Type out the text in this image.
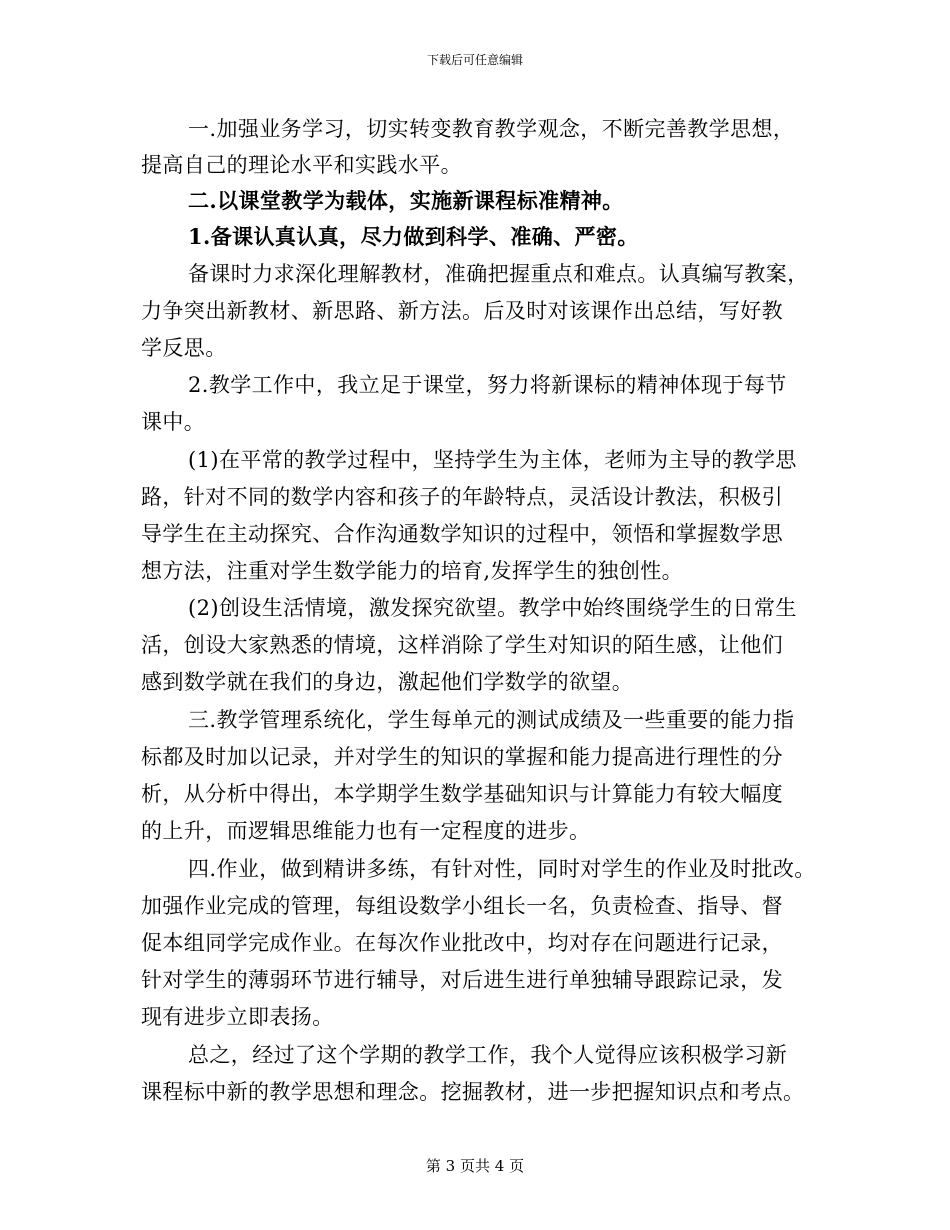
下载后可任意编辑

一.加强业务学习，切实转变教育教学观念，不断完善教学思想，

提高自己的理论水平和实践水平。

二.以课堂教学为载体，实施新课程标准精神。

1.备课认真认真，尽力做到科学、准确、严密。

备课时力求深化理解教材，准确把握重点和难点。认真编写教案，

力争突出新教材、新思路、新方法。后及时对该课作出总结，写好教

学反思。

2.教学工作中，我立足于课堂，努力将新课标的精神体现于每节

课中。

(1)在平常的教学过程中，坚持学生为主体，老师为主导的教学思

路，针对不同的数学内容和孩子的年龄特点，灵活设计教法，积极引

导学生在主动探究、合作沟通数学知识的过程中，领悟和掌握数学思

想方法，注重对学生数学能力的培育,发挥学生的独创性。

(2)创设生活情境，激发探究欲望。教学中始终围绕学生的日常生

活，创设大家熟悉的情境，这样消除了学生对知识的陌生感，让他们

感到数学就在我们的身边，激起他们学数学的欲望。

三.教学管理系统化，学生每单元的测试成绩及一些重要的能力指

标都及时加以记录，并对学生的知识的掌握和能力提高进行理性的分

析，从分析中得出，本学期学生数学基础知识与计算能力有较大幅度

的上升，而逻辑思维能力也有一定程度的进步。

四.作业，做到精讲多练，有针对性，同时对学生的作业及时批改。

加强作业完成的管理，每组设数学小组长一名，负责检查、指导、督

促本组同学完成作业。在每次作业批改中，均对存在问题进行记录，

针对学生的薄弱环节进行辅导，对后进生进行单独辅导跟踪记录，发

现有进步立即表扬。

总之，经过了这个学期的教学工作，我个人觉得应该积极学习新

课程标中新的教学思想和理念。挖掘教材，进一步把握知识点和考点。

第 3 页共 4 页
